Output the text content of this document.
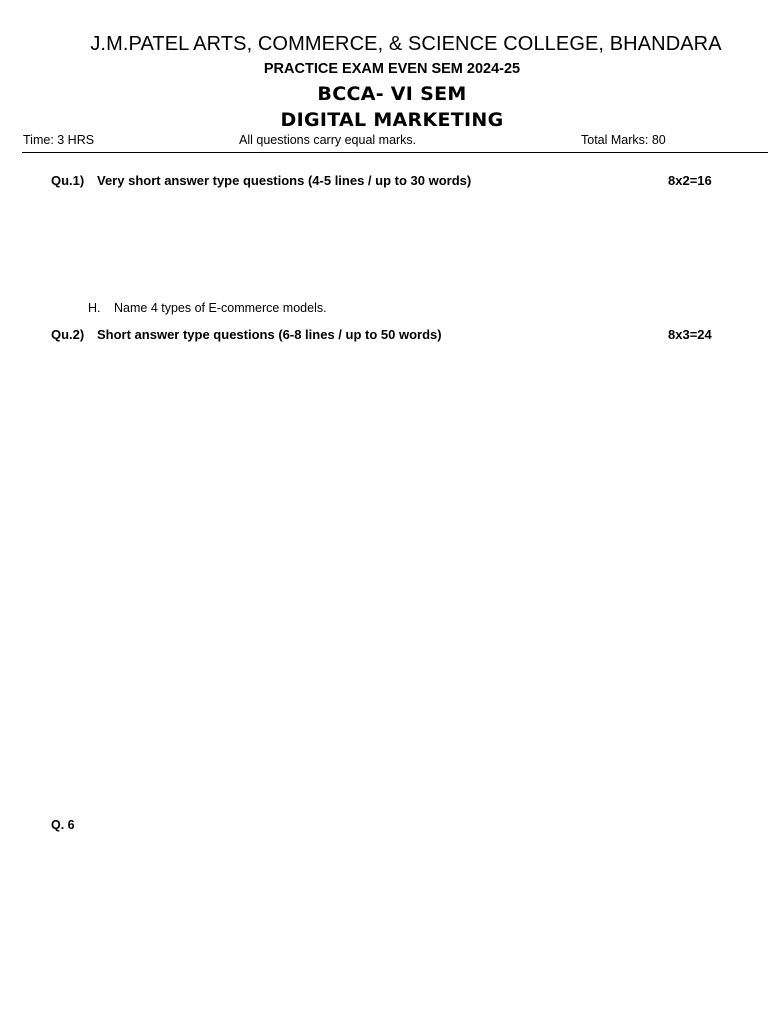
J.M.PATEL ARTS, COMMERCE, & SCIENCE COLLEGE, BHANDARA
PRACTICE EXAM EVEN SEM 2024-25
BCCA- VI SEM
DIGITAL MARKETING
Time: 3 HRS	All questions carry equal marks.	Total Marks: 80
Qu.1) Very short answer type questions (4-5 lines / up to 30 words)	8x2=16
H. Name 4 types of E-commerce models.
Qu.2) Short answer type questions (6-8 lines / up to 50 words)	8x3=24
Q. 6
